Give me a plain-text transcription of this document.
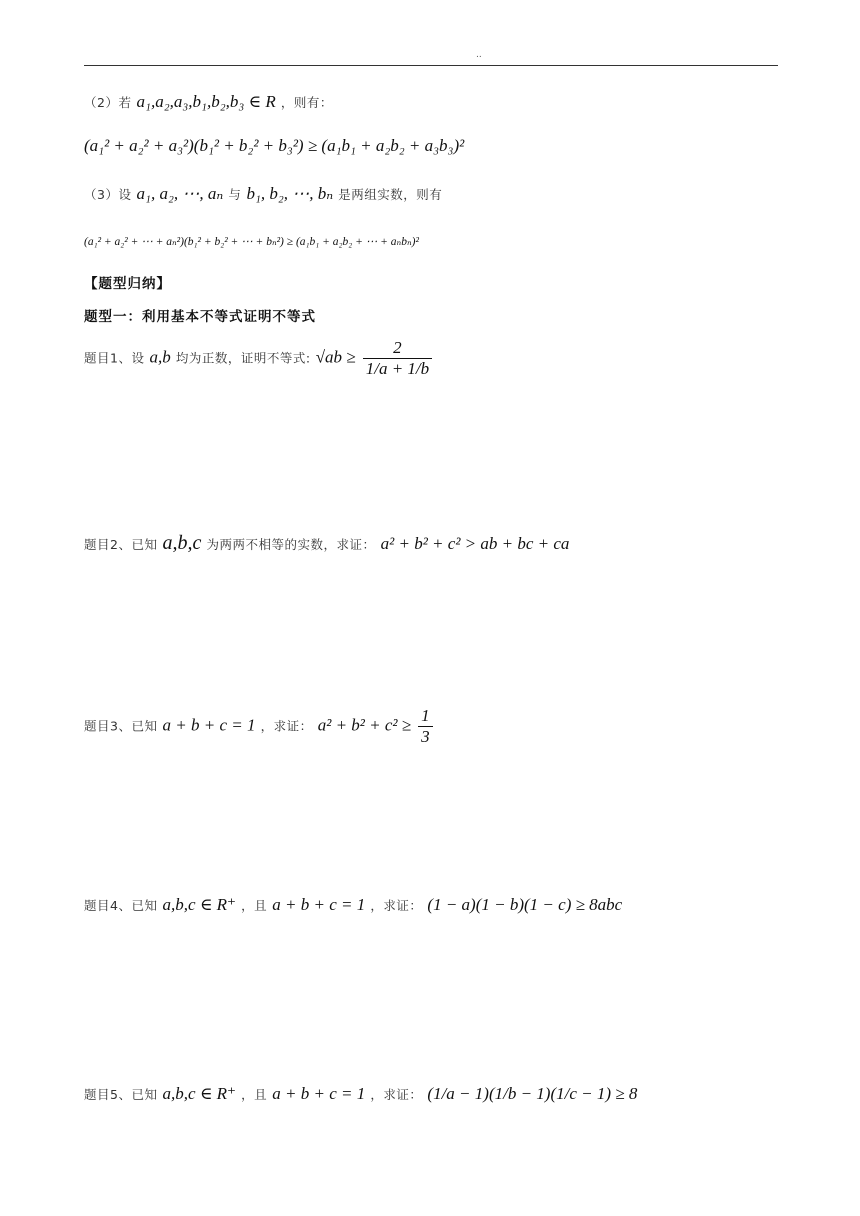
..
（2）若 a₁,a₂,a₃,b₁,b₂,b₃ ∈ R ，则有：
(a₁² + a₂² + a₃²)(b₁² + b₂² + b₃²) ≥ (a₁b₁ + a₂b₂ + a₃b₃)²
（3）设 a₁, a₂, ⋯, aₙ 与 b₁, b₂, ⋯, bₙ 是两组实数，则有
(a₁² + a₂² + ⋯ + aₙ²)(b₁² + b₂² + ⋯ + bₙ²) ≥ (a₁b₁ + a₂b₂ + ⋯ + aₙbₙ)²
【题型归纳】
题型一：利用基本不等式证明不等式
题目1、设 a,b 均为正数，证明不等式: $√ab \ge \frac{2}{1/a + 1/b}$
题目2、已知 a,b,c 为两两不相等的实数，求证： a² + b² + c² > ab + bc + ca
题目3、已知 a + b + c = 1 ，求证： $a^2 + b^2 + c^2 \ge \frac{1}{3}$
题目4、已知 a,b,c ∈ R⁺ ，且 a + b + c = 1 ，求证： (1 − a)(1 − b)(1 − c) ≥ 8abc
题目5、已知 a,b,c ∈ R⁺ ，且 a + b + c = 1 ，求证： (1/a − 1)(1/b − 1)(1/c − 1) ≥ 8
